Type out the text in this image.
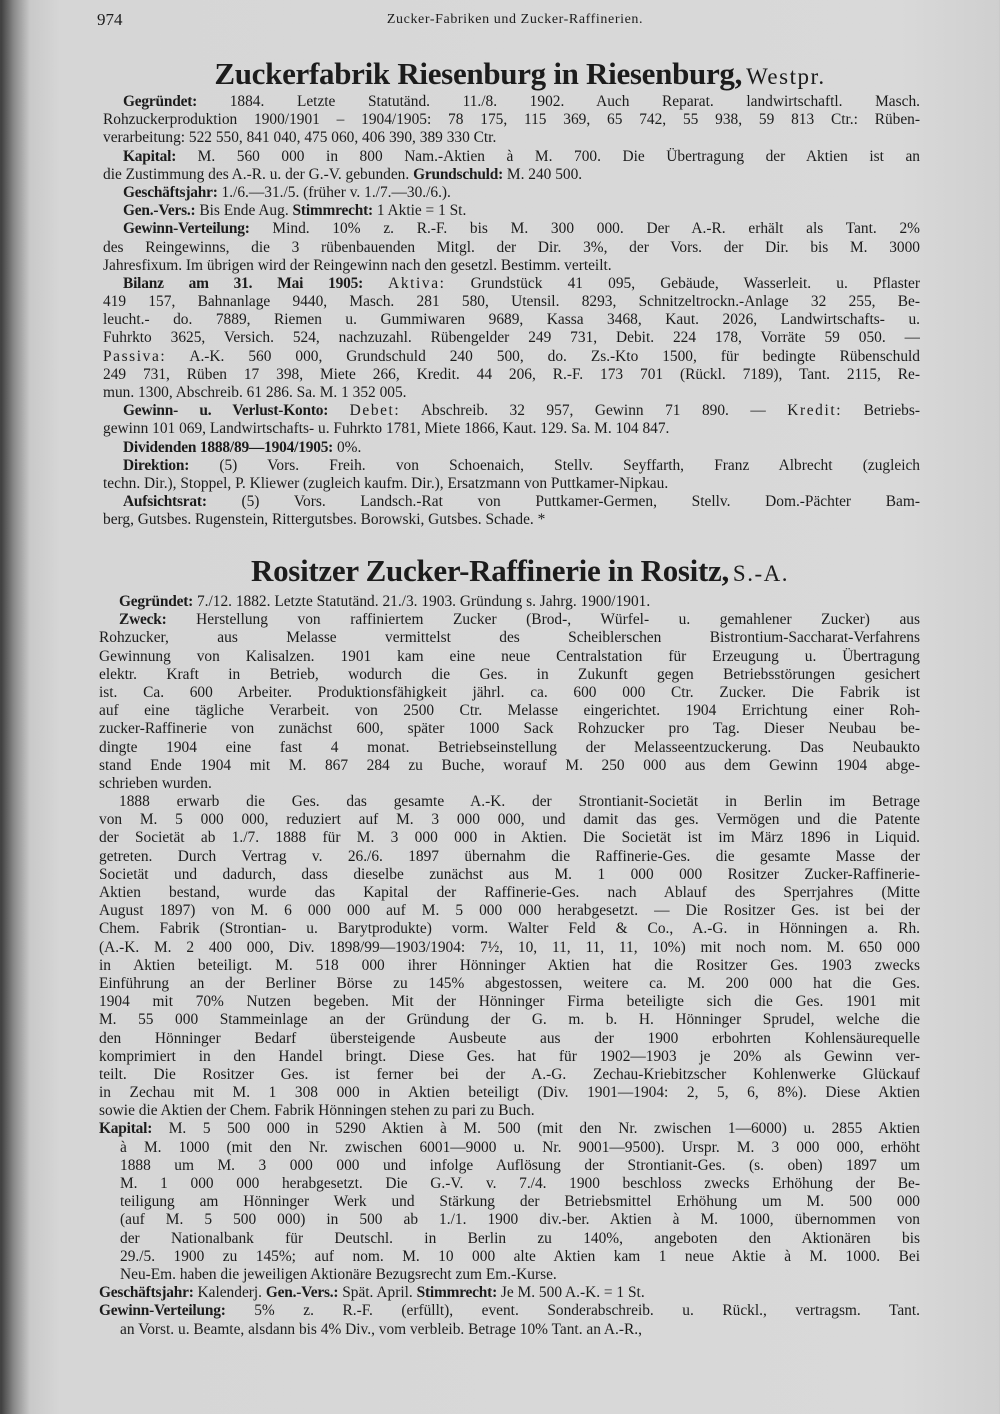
974	Zucker-Fabriken und Zucker-Raffinerien.
Zuckerfabrik Riesenburg in Riesenburg, Westpr.
Gegründet: 1884. Letzte Statutänd. 11./8. 1902. Auch Reparat. landwirtschaftl. Masch.
Rohzuckerproduktion 1900/1901 – 1904/1905: 78 175, 115 369, 65 742, 55 938, 59 813 Ctr.: Rüben-
verarbeitung: 522 550, 841 040, 475 060, 406 390, 389 330 Ctr.
Kapital: M. 560 000 in 800 Nam.-Aktien à M. 700. Die Übertragung der Aktien ist an
die Zustimmung des A.-R. u. der G.-V. gebunden. Grundschuld: M. 240 500.
Geschäftsjahr: 1./6.—31./5. (früher v. 1./7.—30./6.).
Gen.-Vers.: Bis Ende Aug. Stimmrecht: 1 Aktie = 1 St.
Gewinn-Verteilung: Mind. 10% z. R.-F. bis M. 300 000. Der A.-R. erhält als Tant. 2%
des Reingewinns, die 3 rübenbauenden Mitgl. der Dir. 3%, der Vors. der Dir. bis M. 3000
Jahresfixum. Im übrigen wird der Reingewinn nach den gesetzl. Bestimm. verteilt.
Bilanz am 31. Mai 1905: Aktiva: Grundstück 41 095, Gebäude, Wasserleit. u. Pflaster
419 157, Bahnanlage 9440, Masch. 281 580, Utensil. 8293, Schnitzeltrockn.-Anlage 32 255, Be-
leucht.- do. 7889, Riemen u. Gummiwaren 9689, Kassa 3468, Kaut. 2026, Landwirtschafts- u.
Fuhrkto 3625, Versich. 524, nachzuzahl. Rübengelder 249 731, Debit. 224 178, Vorräte 59 050. —
Passiva: A.-K. 560 000, Grundschuld 240 500, do. Zs.-Kto 1500, für bedingte Rübenschuld
249 731, Rüben 17 398, Miete 266, Kredit. 44 206, R.-F. 173 701 (Rückl. 7189), Tant. 2115, Re-
mun. 1300, Abschreib. 61 286. Sa. M. 1 352 005.
Gewinn- u. Verlust-Konto: Debet: Abschreib. 32 957, Gewinn 71 890. — Kredit: Betriebs-
gewinn 101 069, Landwirtschafts- u. Fuhrkto 1781, Miete 1866, Kaut. 129. Sa. M. 104 847.
Dividenden 1888/89—1904/1905: 0%.
Direktion: (5) Vors. Freih. von Schoenaich, Stellv. Seyffarth, Franz Albrecht (zugleich
techn. Dir.), Stoppel, P. Kliewer (zugleich kaufm. Dir.), Ersatzmann von Puttkamer-Nipkau.
Aufsichtsrat: (5) Vors. Landsch.-Rat von Puttkamer-Germen, Stellv. Dom.-Pächter Bam-
berg, Gutsbes. Rugenstein, Rittergutsbes. Borowski, Gutsbes. Schade. *
Rositzer Zucker-Raffinerie in Rositz, S.-A.
Gegründet: 7./12. 1882. Letzte Statutänd. 21./3. 1903. Gründung s. Jahrg. 1900/1901.
Zweck: Herstellung von raffiniertem Zucker (Brod-, Würfel- u. gemahlener Zucker) aus
Rohzucker, aus Melasse vermittelst des Scheiblerschen Bistrontium-Saccharat-Verfahrens
Gewinnung von Kalisalzen. 1901 kam eine neue Centralstation für Erzeugung u. Übertragung
elektr. Kraft in Betrieb, wodurch die Ges. in Zukunft gegen Betriebsstörungen gesichert
ist. Ca. 600 Arbeiter. Produktionsfähigkeit jährl. ca. 600 000 Ctr. Zucker. Die Fabrik ist
auf eine tägliche Verarbeit. von 2500 Ctr. Melasse eingerichtet. 1904 Errichtung einer Roh-
zucker-Raffinerie von zunächst 600, später 1000 Sack Rohzucker pro Tag. Dieser Neubau be-
dingte 1904 eine fast 4 monat. Betriebseinstellung der Melasseentzuckerung. Das Neubaukto
stand Ende 1904 mit M. 867 284 zu Buche, worauf M. 250 000 aus dem Gewinn 1904 abge-
schrieben wurden.
1888 erwarb die Ges. das gesamte A.-K. der Strontianit-Societät in Berlin im Betrage
von M. 5 000 000, reduziert auf M. 3 000 000, und damit das ges. Vermögen und die Patente
der Societät ab 1./7. 1888 für M. 3 000 000 in Aktien. Die Societät ist im März 1896 in Liquid.
getreten. Durch Vertrag v. 26./6. 1897 übernahm die Raffinerie-Ges. die gesamte Masse der
Societät und dadurch, dass dieselbe zunächst aus M. 1 000 000 Rositzer Zucker-Raffinerie-
Aktien bestand, wurde das Kapital der Raffinerie-Ges. nach Ablauf des Sperrjahres (Mitte
August 1897) von M. 6 000 000 auf M. 5 000 000 herabgesetzt. — Die Rositzer Ges. ist bei der
Chem. Fabrik (Strontian- u. Barytprodukte) vorm. Walter Feld & Co., A.-G. in Hönningen a. Rh.
(A.-K. M. 2 400 000, Div. 1898/99—1903/1904: 7½, 10, 11, 11, 11, 10%) mit noch nom. M. 650 000
in Aktien beteiligt. M. 518 000 ihrer Hönninger Aktien hat die Rositzer Ges. 1903 zwecks
Einführung an der Berliner Börse zu 145% abgestossen, weitere ca. M. 200 000 hat die Ges.
1904 mit 70% Nutzen begeben. Mit der Hönninger Firma beteiligte sich die Ges. 1901 mit
M. 55 000 Stammeinlage an der Gründung der G. m. b. H. Hönninger Sprudel, welche die
den Hönninger Bedarf übersteigende Ausbeute aus der 1900 erbohrten Kohlensäurequelle
komprimiert in den Handel bringt. Diese Ges. hat für 1902—1903 je 20% als Gewinn ver-
teilt. Die Rositzer Ges. ist ferner bei der A.-G. Zechau-Kriebitzscher Kohlenwerke Glückauf
in Zechau mit M. 1 308 000 in Aktien beteiligt (Div. 1901—1904: 2, 5, 6, 8%). Diese Aktien
sowie die Aktien der Chem. Fabrik Hönningen stehen zu pari zu Buch.
Kapital: M. 5 500 000 in 5290 Aktien à M. 500 (mit den Nr. zwischen 1—6000) u. 2855 Aktien
à M. 1000 (mit den Nr. zwischen 6001—9000 u. Nr. 9001—9500). Urspr. M. 3 000 000, erhöht
1888 um M. 3 000 000 und infolge Auflösung der Strontianit-Ges. (s. oben) 1897 um
M. 1 000 000 herabgesetzt. Die G.-V. v. 7./4. 1900 beschloss zwecks Erhöhung der Be-
teiligung am Hönninger Werk und Stärkung der Betriebsmittel Erhöhung um M. 500 000
(auf M. 5 500 000) in 500 ab 1./1. 1900 div.-ber. Aktien à M. 1000, übernommen von
der Nationalbank für Deutschl. in Berlin zu 140%, angeboten den Aktionären bis
29./5. 1900 zu 145%; auf nom. M. 10 000 alte Aktien kam 1 neue Aktie à M. 1000. Bei
Neu-Em. haben die jeweiligen Aktionäre Bezugsrecht zum Em.-Kurse.
Geschäftsjahr: Kalenderj. Gen.-Vers.: Spät. April. Stimmrecht: Je M. 500 A.-K. = 1 St.
Gewinn-Verteilung: 5% z. R.-F. (erfüllt), event. Sonderabschreib. u. Rückl., vertragsm. Tant.
an Vorst. u. Beamte, alsdann bis 4% Div., vom verbleib. Betrage 10% Tant. an A.-R.,
